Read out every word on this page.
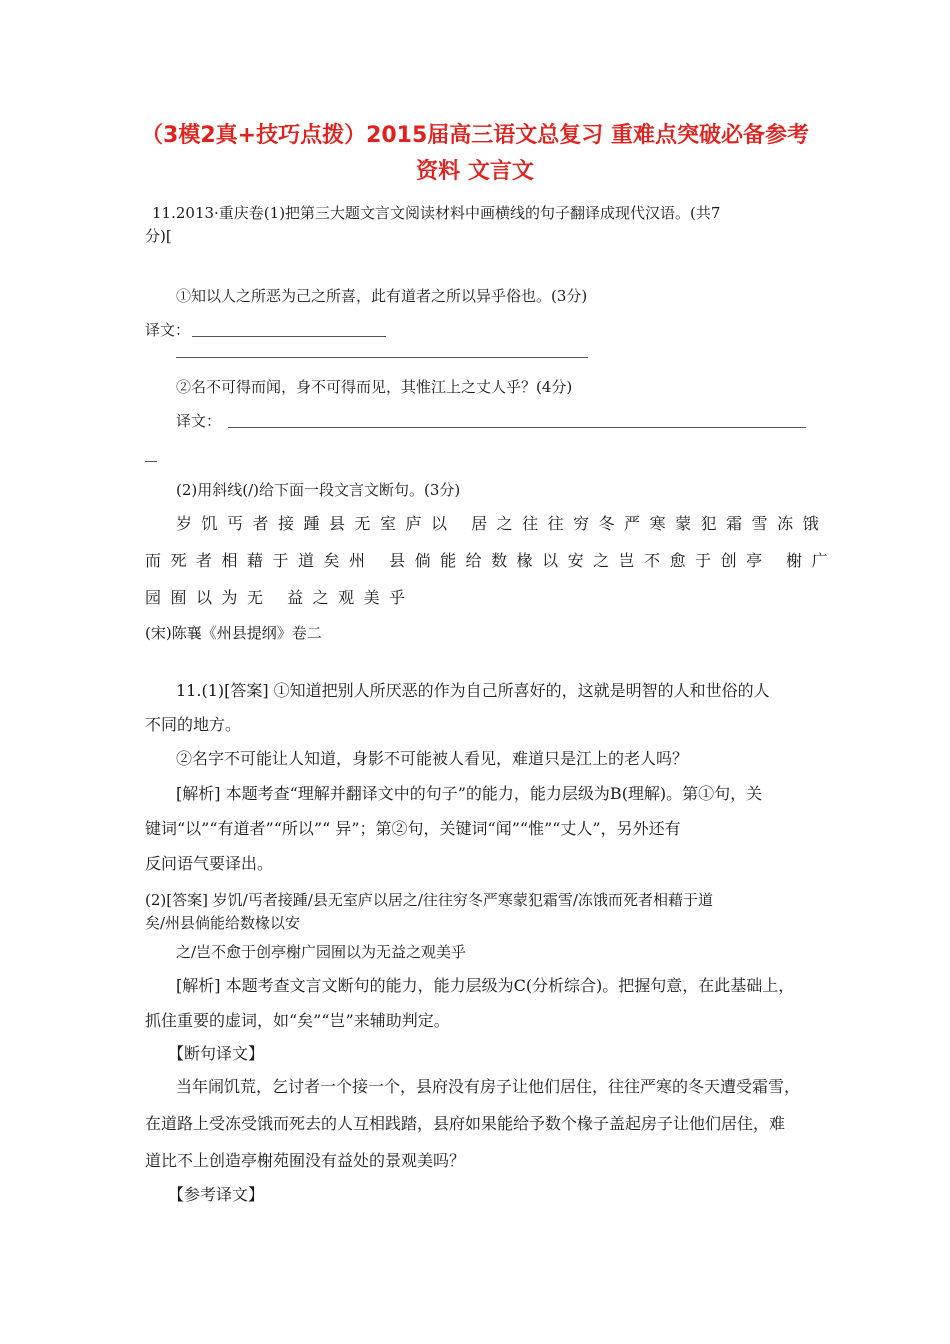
（3模2真+技巧点拨）2015届高三语文总复习 重难点突破必备参考
资料 文言文
11.2013·重庆卷(1)把第三大题文言文阅读材料中画横线的句子翻译成现代汉语。(共7
分)[
①知以人之所恶为己之所喜，此有道者之所以异乎俗也。(3分)
译文：
②名不可得而闻，身不可得而见，其惟江上之丈人乎？(4分)
译文：
(2)用斜线(/)给下面一段文言文断句。(3分)
岁饥丐者接踵县无室庐以 居之往往穷冬严寒蒙犯霜雪冻饿
而死者相藉于道矣州 县倘能给数椽以安之岂不愈于创亭 榭广
园囿以为无 益之观美乎
(宋)陈襄《州县提纲》卷二
11.(1)[答案] ①知道把别人所厌恶的作为自己所喜好的，这就是明智的人和世俗的人
不同的地方。
②名字不可能让人知道，身影不可能被人看见，难道只是江上的老人吗？
[解析] 本题考查“理解并翻译文中的句子”的能力，能力层级为B(理解)。第①句，关
键词“以”“有道者”“所以”“ 异”；第②句，关键词“闻”“惟”“丈人”，另外还有
反问语气要译出。
(2)[答案] 岁饥/丐者接踵/县无室庐以居之/往往穷冬严寒蒙犯霜雪/冻饿而死者相藉于道
矣/州县倘能给数椽以安
之/岂不愈于创亭榭广园囿以为无益之观美乎
[解析] 本题考查文言文断句的能力，能力层级为C(分析综合)。把握句意，在此基础上，
抓住重要的虚词，如“矣”“岂”来辅助判定。
【断句译文】
当年闹饥荒，乞讨者一个接一个，县府没有房子让他们居住，往往严寒的冬天遭受霜雪，
在道路上受冻受饿而死去的人互相践踏，县府如果能给予数个椽子盖起房子让他们居住，难
道比不上创造亭榭苑囿没有益处的景观美吗？
【参考译文】
